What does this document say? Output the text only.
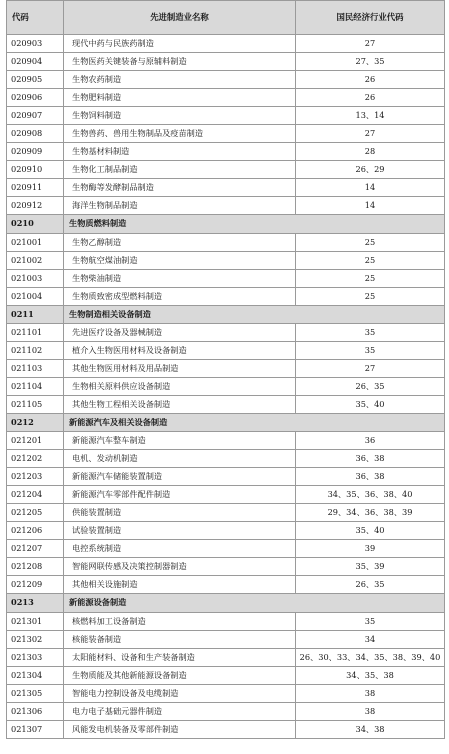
代码	先进制造业名称	国民经济行业代码
020903	现代中药与民族药制造	27
020904	生物医药关键装备与原辅料制造	27、35
020905	生物农药制造	26
020906	生物肥料制造	26
020907	生物饲料制造	13、14
020908	生物兽药、兽用生物制品及疫苗制造	27
020909	生物基材料制造	28
020910	生物化工制品制造	26、29
020911	生物酶等发酵制品制造	14
020912	海洋生物制品制造	14
0210	生物质燃料制造	
021001	生物乙醇制造	25
021002	生物航空煤油制造	25
021003	生物柴油制造	25
021004	生物质致密成型燃料制造	25
0211	生物制造相关设备制造	
021101	先进医疗设备及器械制造	35
021102	植介入生物医用材料及设备制造	35
021103	其他生物医用材料及用品制造	27
021104	生物相关原料供应设备制造	26、35
021105	其他生物工程相关设备制造	35、40
0212	新能源汽车及相关设备制造	
021201	新能源汽车整车制造	36
021202	电机、发动机制造	36、38
021203	新能源汽车储能装置制造	36、38
021204	新能源汽车零部件配件制造	34、35、36、38、40
021205	供能装置制造	29、34、36、38、39
021206	试验装置制造	35、40
021207	电控系统制造	39
021208	智能网联传感及决策控制器制造	35、39
021209	其他相关设施制造	26、35
0213	新能源设备制造	
021301	核燃料加工设备制造	35
021302	核能装备制造	34
021303	太阳能材料、设备和生产装备制造	26、30、33、34、35、38、39、40
021304	生物质能及其他新能源设备制造	34、35、38
021305	智能电力控制设备及电缆制造	38
021306	电力电子基础元器件制造	38
021307	风能发电机装备及零部件制造	34、38
